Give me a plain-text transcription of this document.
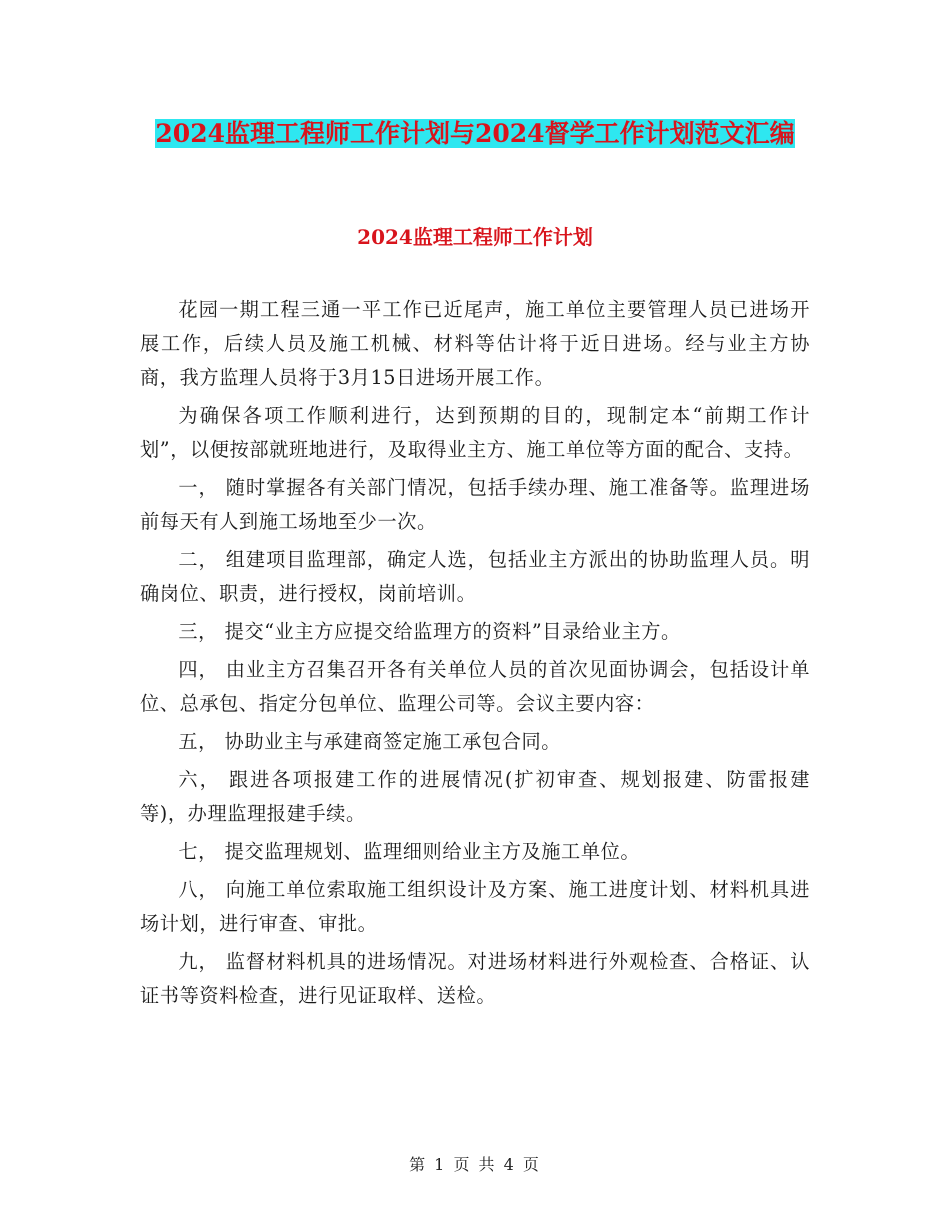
2024监理工程师工作计划与2024督学工作计划范文汇编
2024监理工程师工作计划

花园一期工程三通一平工作已近尾声，施工单位主要管理人员已进场开展工作，后续人员及施工机械、材料等估计将于近日进场。经与业主方协商，我方监理人员将于3月15日进场开展工作。

为确保各项工作顺利进行，达到预期的目的，现制定本“前期工作计划”，以便按部就班地进行，及取得业主方、施工单位等方面的配合、支持。

一， 随时掌握各有关部门情况，包括手续办理、施工准备等。监理进场前每天有人到施工场地至少一次。

二， 组建项目监理部，确定人选，包括业主方派出的协助监理人员。明确岗位、职责，进行授权，岗前培训。

三， 提交“业主方应提交给监理方的资料”目录给业主方。

四， 由业主方召集召开各有关单位人员的首次见面协调会，包括设计单位、总承包、指定分包单位、监理公司等。会议主要内容：

五， 协助业主与承建商签定施工承包合同。

六， 跟进各项报建工作的进展情况(扩初审查、规划报建、防雷报建等)，办理监理报建手续。

七， 提交监理规划、监理细则给业主方及施工单位。

八， 向施工单位索取施工组织设计及方案、施工进度计划、材料机具进场计划，进行审查、审批。

九， 监督材料机具的进场情况。对进场材料进行外观检查、合格证、认证书等资料检查，进行见证取样、送检。

第 1 页 共 4 页
